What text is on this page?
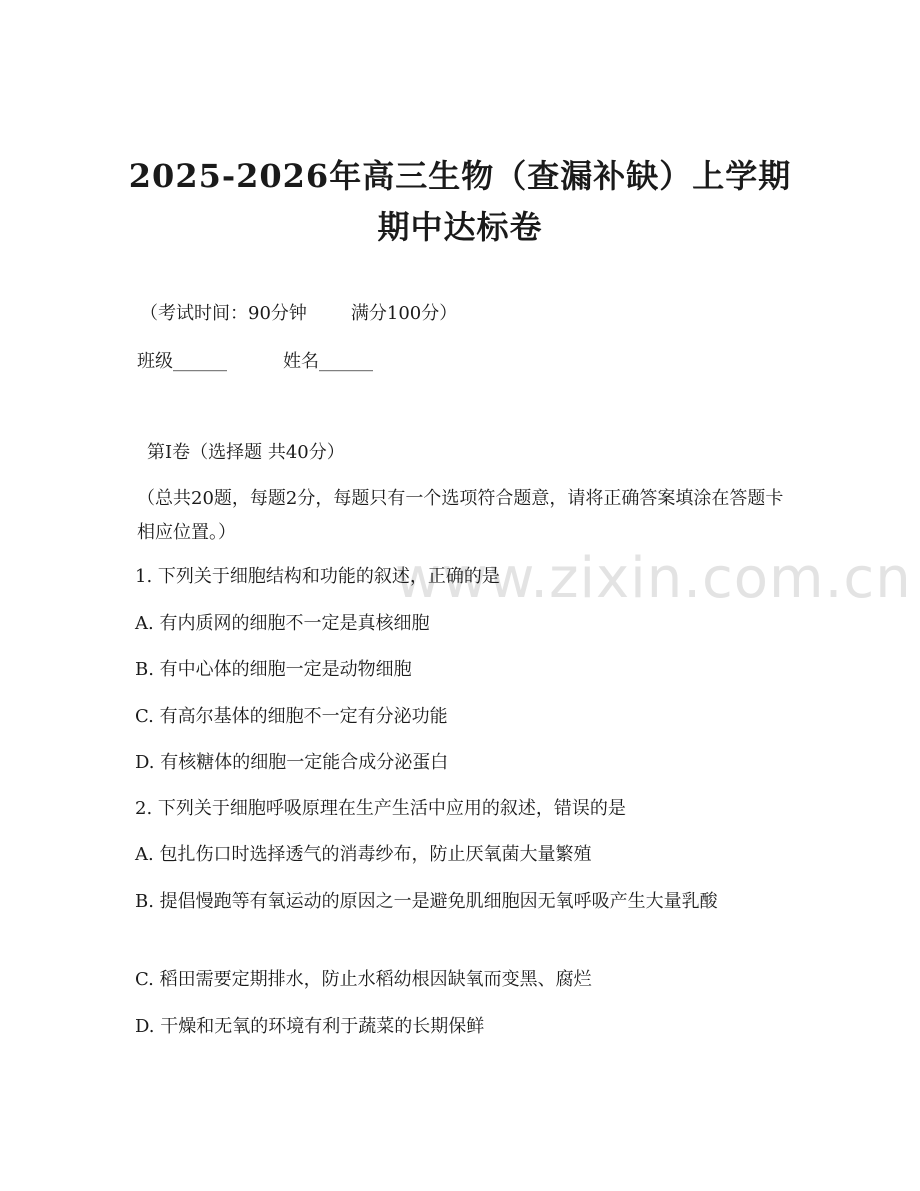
www.zixin.com.cn
2025-2026年高三生物（查漏补缺）上学期
期中达标卷
（考试时间：90分钟 满分100分）
班级______	姓名______
第Ⅰ卷（选择题 共40分）
（总共20题，每题2分，每题只有一个选项符合题意，请将正确答案填涂在答题卡相应位置。）
1. 下列关于细胞结构和功能的叙述，正确的是
A. 有内质网的细胞不一定是真核细胞
B. 有中心体的细胞一定是动物细胞
C. 有高尔基体的细胞不一定有分泌功能
D. 有核糖体的细胞一定能合成分泌蛋白
2. 下列关于细胞呼吸原理在生产生活中应用的叙述，错误的是
A. 包扎伤口时选择透气的消毒纱布，防止厌氧菌大量繁殖
B. 提倡慢跑等有氧运动的原因之一是避免肌细胞因无氧呼吸产生大量乳酸
C. 稻田需要定期排水，防止水稻幼根因缺氧而变黑、腐烂
D. 干燥和无氧的环境有利于蔬菜的长期保鲜
